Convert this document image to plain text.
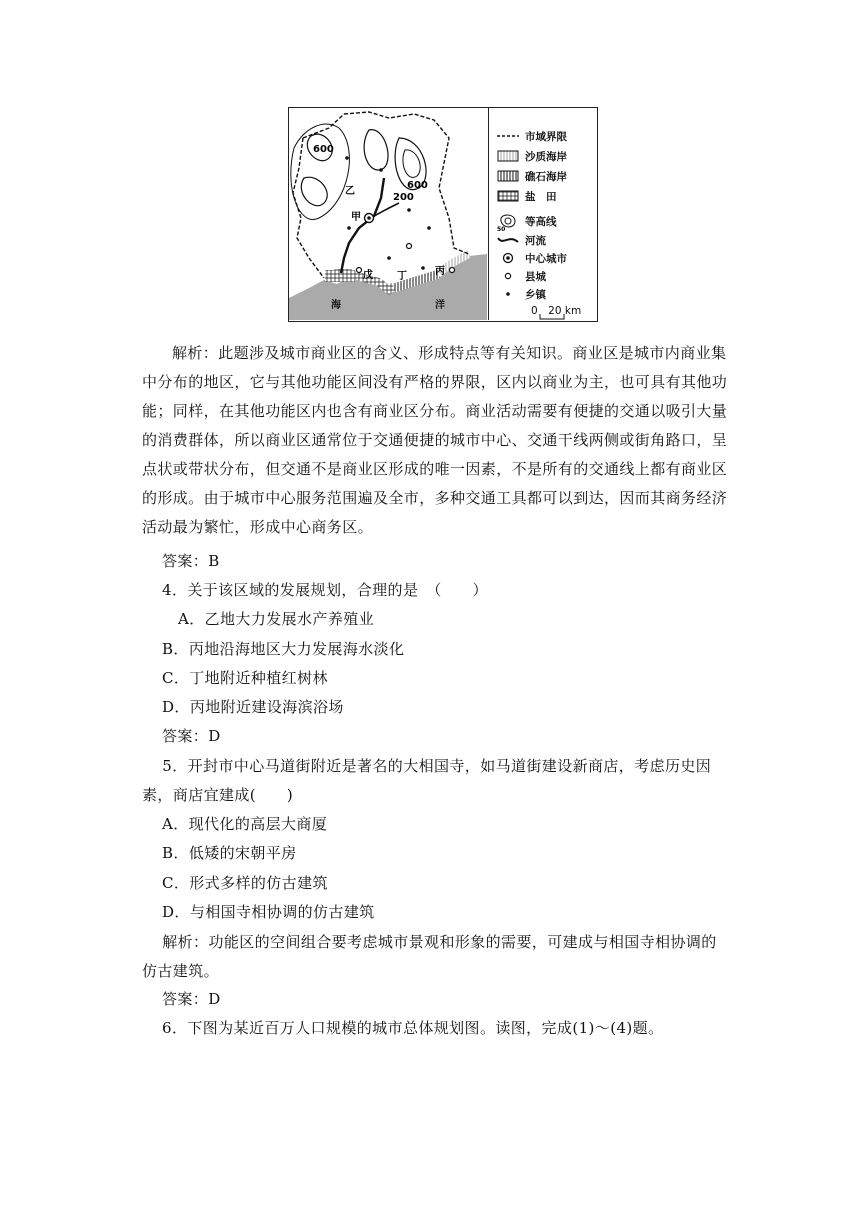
600
600
200
乙
甲
戊 丁	丙
海	洋
市域界限
沙质海岸
礁石海岸
盐　田
50
等高线
河流
中心城市
县城
乡镇
0　20 km
解析：此题涉及城市商业区的含义、形成特点等有关知识。商业区是城市内商业集中分布的地区，它与其他功能区间没有严格的界限，区内以商业为主，也可具有其他功能；同样，在其他功能区内也含有商业区分布。商业活动需要有便捷的交通以吸引大量的消费群体，所以商业区通常位于交通便捷的城市中心、交通干线两侧或街角路口，呈点状或带状分布，但交通不是商业区形成的唯一因素，不是所有的交通线上都有商业区的形成。由于城市中心服务范围遍及全市，多种交通工具都可以到达，因而其商务经济活动最为繁忙，形成中心商务区。
答案：B
4．关于该区域的发展规划，合理的是　（　　）
A．乙地大力发展水产养殖业
B．丙地沿海地区大力发展海水淡化
C．丁地附近种植红树林
D．丙地附近建设海滨浴场
答案：D
5．开封市中心马道街附近是著名的大相国寺，如马道街建设新商店，考虑历史因素，商店宜建成(　　)
A．现代化的高层大商厦
B．低矮的宋朝平房
C．形式多样的仿古建筑
D．与相国寺相协调的仿古建筑
解析：功能区的空间组合要考虑城市景观和形象的需要，可建成与相国寺相协调的仿古建筑。
答案：D
6．下图为某近百万人口规模的城市总体规划图。读图，完成(1)～(4)题。
